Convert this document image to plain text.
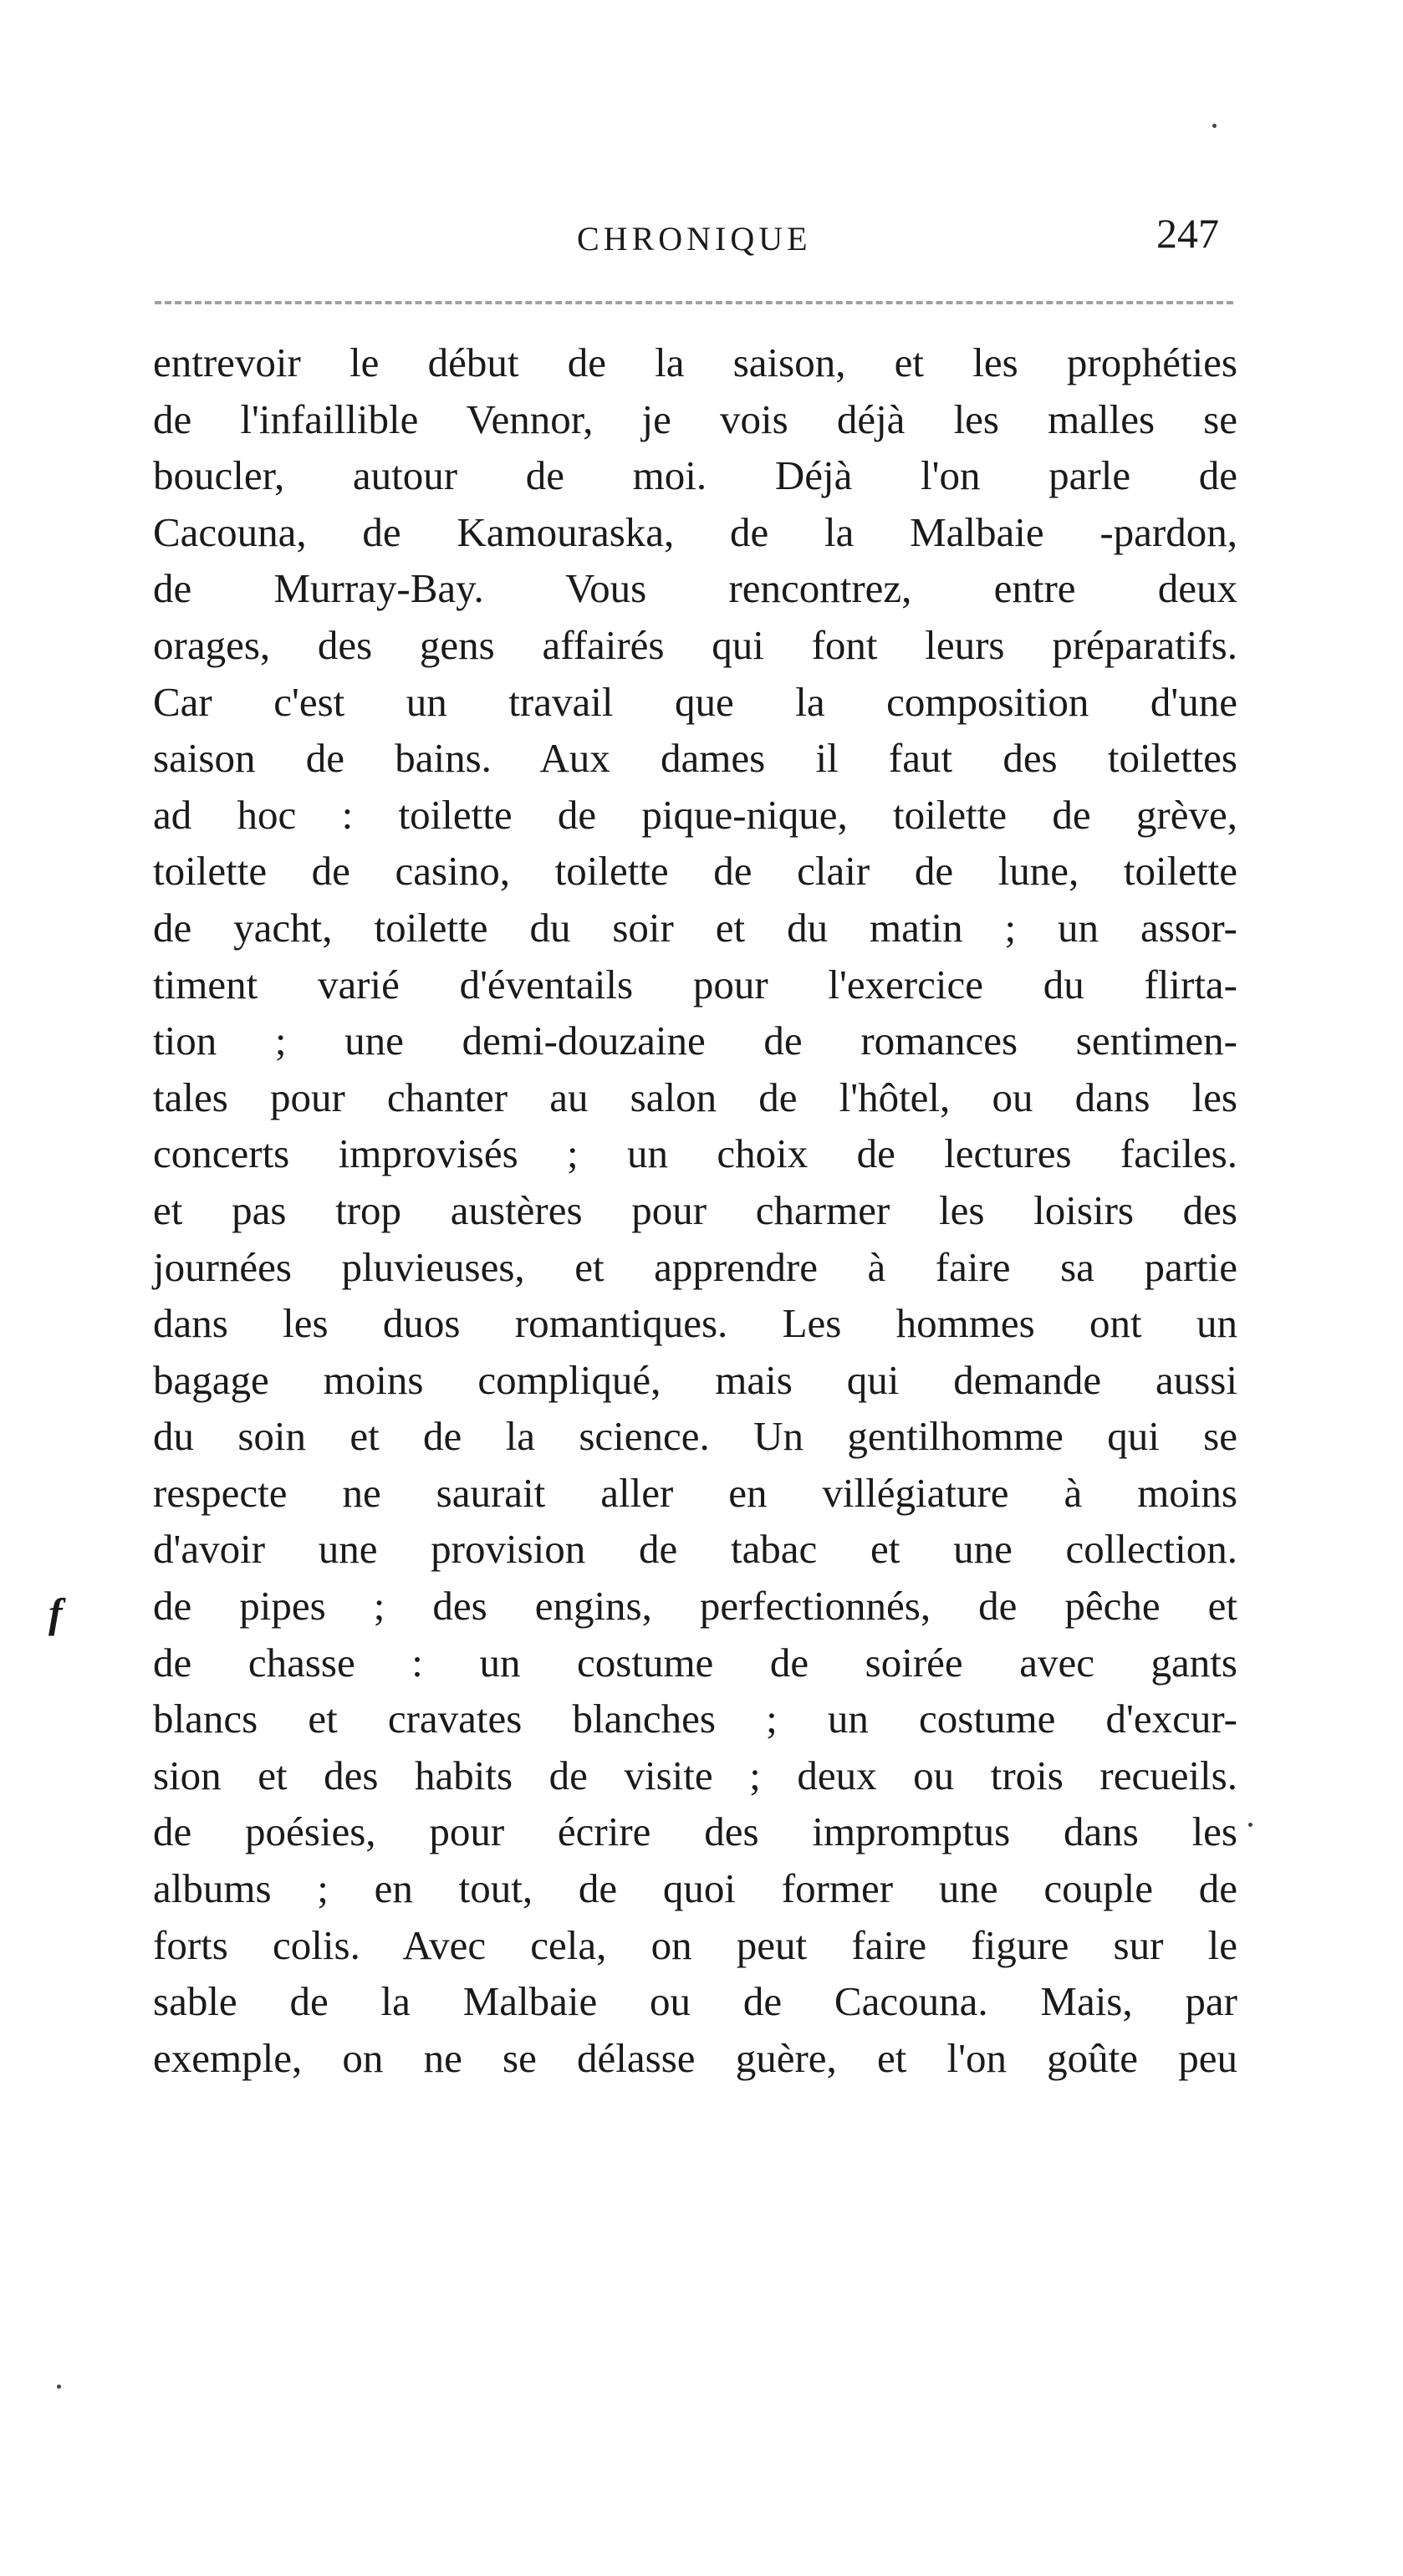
CHRONIQUE	247
entrevoir le début de la saison, et les prophéties
de l'infaillible Vennor, je vois déjà les malles se
boucler, autour de moi. Déjà l'on parle de
Cacouna, de Kamouraska, de la Malbaie -pardon,
de Murray-Bay. Vous rencontrez, entre deux
orages, des gens affairés qui font leurs préparatifs.
Car c'est un travail que la composition d'une
saison de bains. Aux dames il faut des toilettes
ad hoc : toilette de pique-nique, toilette de grève,
toilette de casino, toilette de clair de lune, toilette
de yacht, toilette du soir et du matin ; un assor-
timent varié d'éventails pour l'exercice du flirta-
tion ; une demi-douzaine de romances sentimen-
tales pour chanter au salon de l'hôtel, ou dans les
concerts improvisés ; un choix de lectures faciles.
et pas trop austères pour charmer les loisirs des
journées pluvieuses, et apprendre à faire sa partie
dans les duos romantiques. Les hommes ont un
bagage moins compliqué, mais qui demande aussi
du soin et de la science. Un gentilhomme qui se
respecte ne saurait aller en villégiature à moins
d'avoir une provision de tabac et une collection.
de pipes ; des engins, perfectionnés, de pêche et
de chasse : un costume de soirée avec gants
blancs et cravates blanches ; un costume d'excur-
sion et des habits de visite ; deux ou trois recueils.
de poésies, pour écrire des impromptus dans les
albums ; en tout, de quoi former une couple de
forts colis. Avec cela, on peut faire figure sur le
sable de la Malbaie ou de Cacouna. Mais, par
exemple, on ne se délasse guère, et l'on goûte peu
f
